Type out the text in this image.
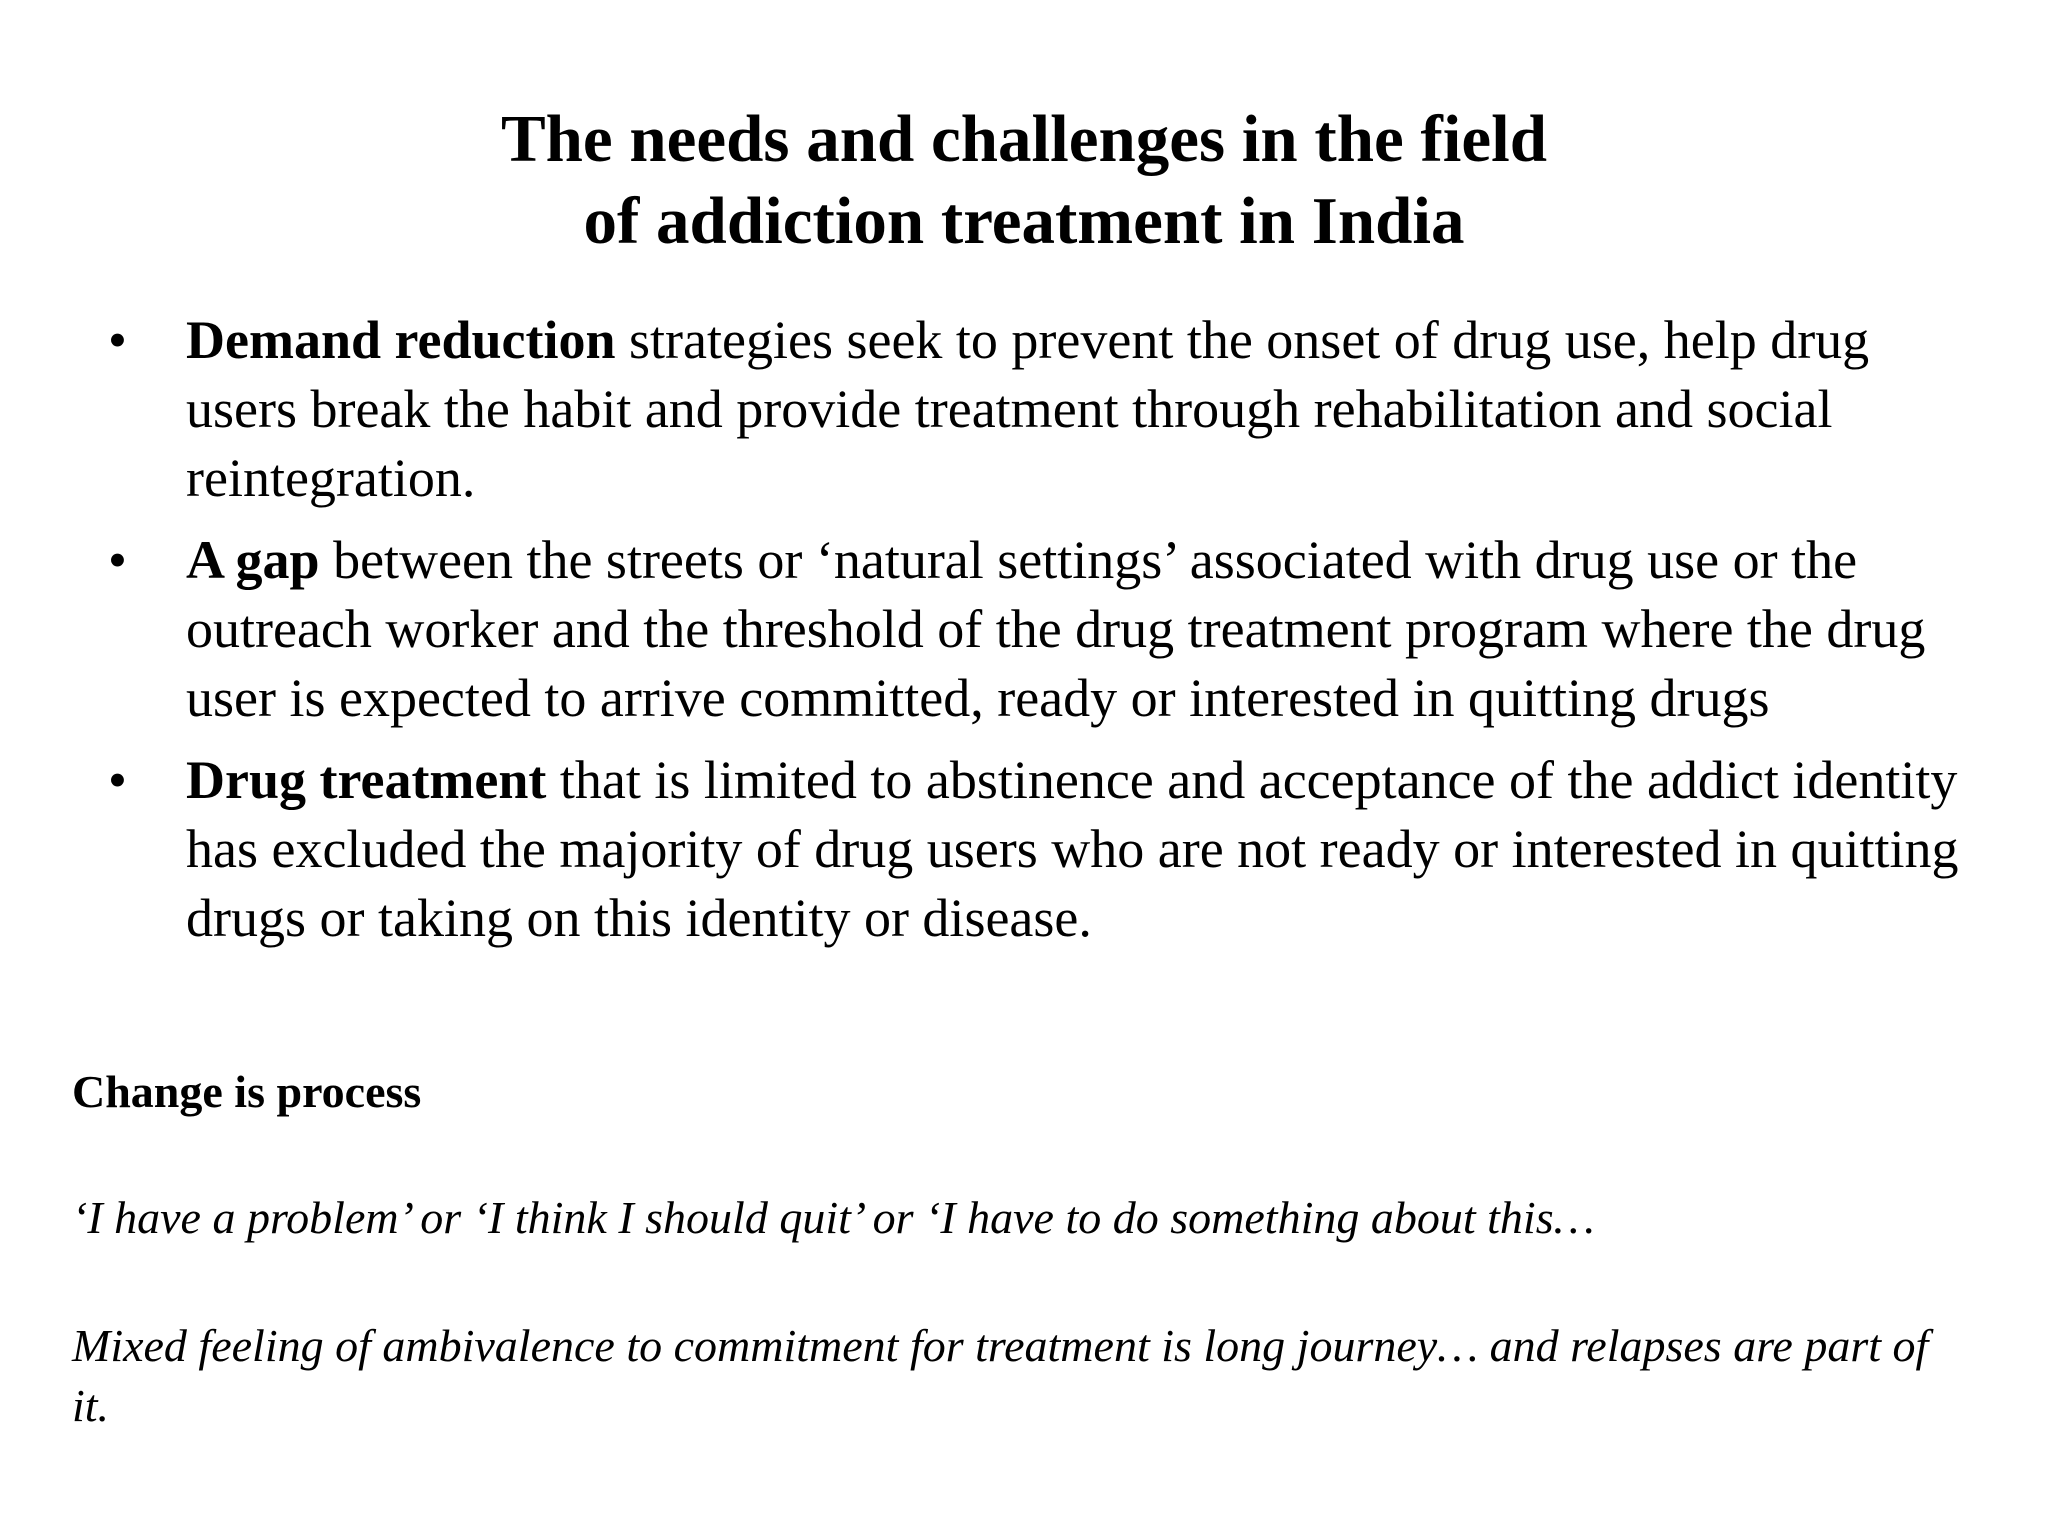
The needs and challenges in the field
of addiction treatment in India
• Demand reduction strategies seek to prevent the onset of drug use, help drug users break the habit and provide treatment through rehabilitation and social reintegration.
• A gap between the streets or ‘natural settings’ associated with drug use or the outreach worker and the threshold of the drug treatment program where the drug user is expected to arrive committed, ready or interested in quitting drugs
• Drug treatment that is limited to abstinence and acceptance of the addict identity has excluded the majority of drug users who are not ready or interested in quitting drugs or taking on this identity or disease.
Change is process
‘I have a problem’ or ‘I think I should quit’ or ‘I have to do something about this…
Mixed feeling of ambivalence to commitment for treatment is long journey… and relapses are part of it.
